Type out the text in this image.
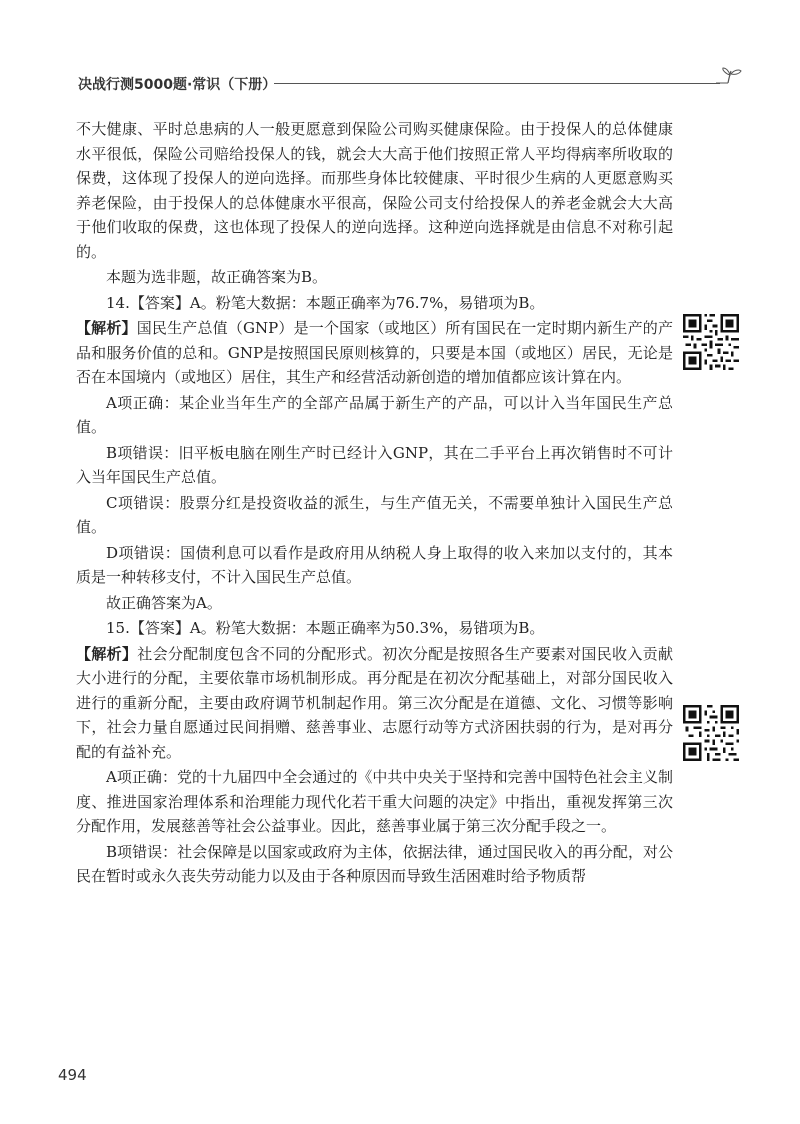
决战行测5000题·常识（下册）

不大健康、平时总患病的人一般更愿意到保险公司购买健康保险。由于投保人的总体健康水平很低，保险公司赔给投保人的钱，就会大大高于他们按照正常人平均得病率所收取的保费，这体现了投保人的逆向选择。而那些身体比较健康、平时很少生病的人更愿意购买养老保险，由于投保人的总体健康水平很高，保险公司支付给投保人的养老金就会大大高于他们收取的保费，这也体现了投保人的逆向选择。这种逆向选择就是由信息不对称引起的。

本题为选非题，故正确答案为B。

14.【答案】A。粉笔大数据：本题正确率为76.7%，易错项为B。

【解析】国民生产总值（GNP）是一个国家（或地区）所有国民在一定时期内新生产的产品和服务价值的总和。GNP是按照国民原则核算的，只要是本国（或地区）居民，无论是否在本国境内（或地区）居住，其生产和经营活动新创造的增加值都应该计算在内。

A项正确：某企业当年生产的全部产品属于新生产的产品，可以计入当年国民生产总值。

B项错误：旧平板电脑在刚生产时已经计入GNP，其在二手平台上再次销售时不可计入当年国民生产总值。

C项错误：股票分红是投资收益的派生，与生产值无关，不需要单独计入国民生产总值。

D项错误：国债利息可以看作是政府用从纳税人身上取得的收入来加以支付的，其本质是一种转移支付，不计入国民生产总值。

故正确答案为A。

15.【答案】A。粉笔大数据：本题正确率为50.3%，易错项为B。

【解析】社会分配制度包含不同的分配形式。初次分配是按照各生产要素对国民收入贡献大小进行的分配，主要依靠市场机制形成。再分配是在初次分配基础上，对部分国民收入进行的重新分配，主要由政府调节机制起作用。第三次分配是在道德、文化、习惯等影响下，社会力量自愿通过民间捐赠、慈善事业、志愿行动等方式济困扶弱的行为，是对再分配的有益补充。

A项正确：党的十九届四中全会通过的《中共中央关于坚持和完善中国特色社会主义制度、推进国家治理体系和治理能力现代化若干重大问题的决定》中指出，重视发挥第三次分配作用，发展慈善等社会公益事业。因此，慈善事业属于第三次分配手段之一。

B项错误：社会保障是以国家或政府为主体，依据法律，通过国民收入的再分配，对公民在暂时或永久丧失劳动能力以及由于各种原因而导致生活困难时给予物质帮

494
